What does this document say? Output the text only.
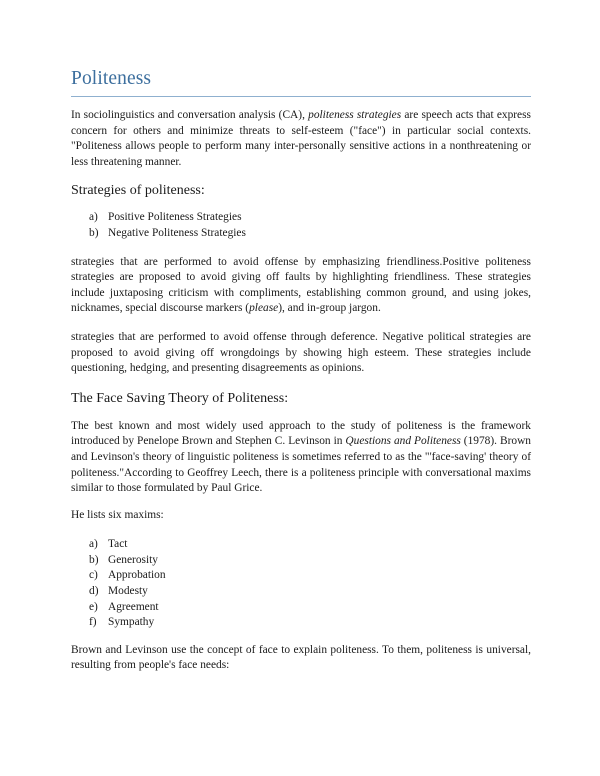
Politeness

In sociolinguistics and conversation analysis (CA), politeness strategies are speech acts that express concern for others and minimize threats to self-esteem ("face") in particular social contexts. "Politeness allows people to perform many inter-personally sensitive actions in a nonthreatening or less threatening manner.

Strategies of politeness:
a) Positive Politeness Strategies
b) Negative Politeness Strategies

strategies that are performed to avoid offense by emphasizing friendliness.Positive politeness strategies are proposed to avoid giving off faults by highlighting friendliness. These strategies include juxtaposing criticism with compliments, establishing common ground, and using jokes, nicknames, special discourse markers (please), and in-group jargon.

strategies that are performed to avoid offense through deference. Negative political strategies are proposed to avoid giving off wrongdoings by showing high esteem. These strategies include questioning, hedging, and presenting disagreements as opinions.

The Face Saving Theory of Politeness:

The best known and most widely used approach to the study of politeness is the framework introduced by Penelope Brown and Stephen C. Levinson in Questions and Politeness (1978). Brown and Levinson's theory of linguistic politeness is sometimes referred to as the "'face-saving' theory of politeness."According to Geoffrey Leech, there is a politeness principle with conversational maxims similar to those formulated by Paul Grice.

He lists six maxims:

a) Tact
b) Generosity
c) Approbation
d) Modesty
e) Agreement
f)	Sympathy

Brown and Levinson use the concept of face to explain politeness. To them, politeness is universal, resulting from people's face needs:
